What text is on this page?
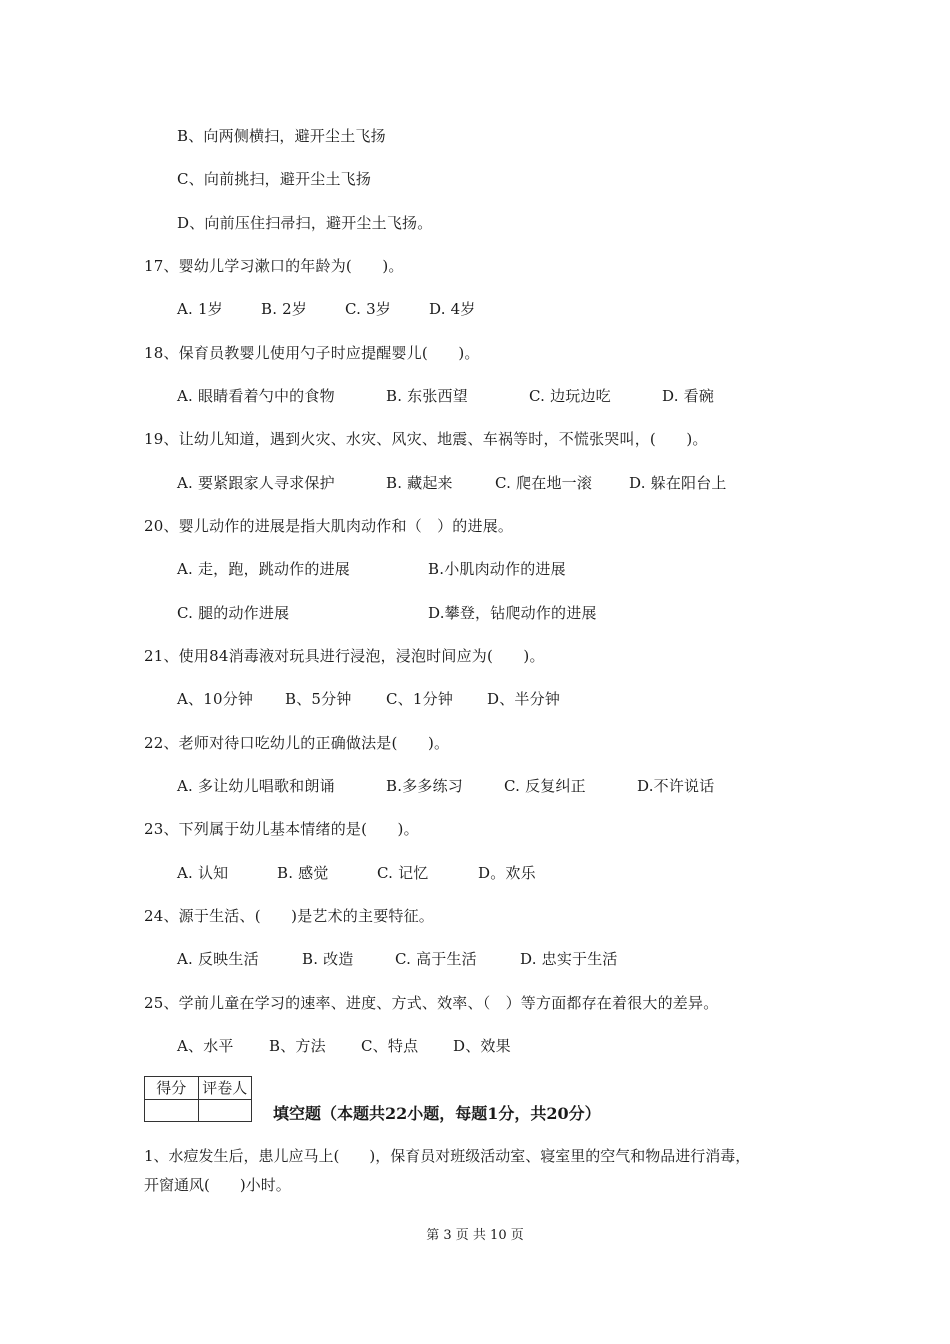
B、向两侧横扫，避开尘土飞扬
C、向前挑扫，避开尘土飞扬
D、向前压住扫帚扫，避开尘土飞扬。
17、婴幼儿学习漱口的年龄为(　　)。

A. 1岁

	B. 2岁

	C. 3岁

	D. 4岁

18、保育员教婴儿使用勺子时应提醒婴儿(　　)。

A. 眼睛看着勺中的食物

	B. 东张西望

	C. 边玩边吃

	D. 看碗

19、让幼儿知道，遇到火灾、水灾、风灾、地震、车祸等时，不慌张哭叫，(　　)。

A. 要紧跟家人寻求保护

	B. 藏起来

	C. 爬在地一滚

D. 躲在阳台上

20、婴儿动作的进展是指大肌肉动作和（　）的进展。

A. 走，跑，跳动作的进展

	B.小肌肉动作的进展

C. 腿的动作进展

	D.攀登，钻爬动作的进展

21、使用84消毒液对玩具进行浸泡，浸泡时间应为(　　)。

A、10分钟

B、5分钟

C、1分钟

D、半分钟

22、老师对待口吃幼儿的正确做法是(　　)。

A. 多让幼儿唱歌和朗诵

	B.多多练习

	C. 反复纠正

	D.不许说话

23、下列属于幼儿基本情绪的是(　　)。

A. 认知

	B. 感觉

	C. 记忆

	D。欢乐

24、源于生活、(　　)是艺术的主要特征。

A. 反映生活

	B. 改造

	C. 高于生活

	D. 忠实于生活

25、学前儿童在学习的速率、进度、方式、效率、（　）等方面都存在着很大的差异。

A、水平

B、方法

C、特点

D、效果

得分	评卷人

填空题（本题共22小题，每题1分，共20分）
1、水痘发生后，患儿应马上(　　)，保育员对班级活动室、寝室里的空气和物品进行消毒，
开窗通风(　　)小时。
第 3 页 共 10 页
